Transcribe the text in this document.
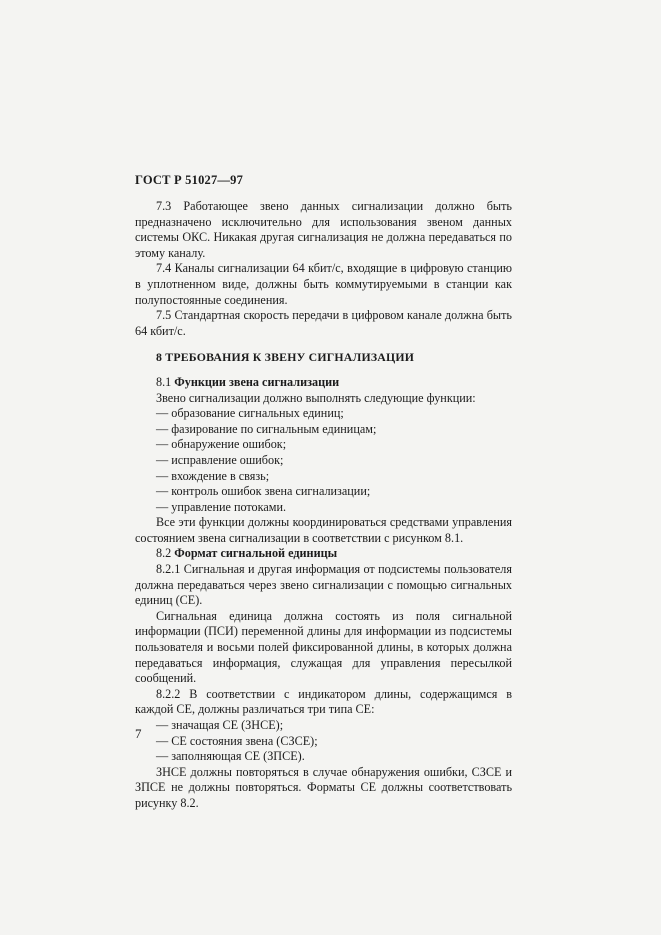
ГОСТ Р 51027—97

7.3 Работающее звено данных сигнализации должно быть предназначено исключительно для использования звеном данных системы ОКС. Никакая другая сигнализация не должна передаваться по этому каналу.

7.4 Каналы сигнализации 64 кбит/с, входящие в цифровую станцию в уплотненном виде, должны быть коммутируемыми в станции как полупостоянные соединения.

7.5 Стандартная скорость передачи в цифровом канале должна быть 64 кбит/с.

8 ТРЕБОВАНИЯ К ЗВЕНУ СИГНАЛИЗАЦИИ

8.1 Функции звена сигнализации

Звено сигнализации должно выполнять следующие функции:

— образование сигнальных единиц;
— фазирование по сигнальным единицам;
— обнаружение ошибок;
— исправление ошибок;
— вхождение в связь;
— контроль ошибок звена сигнализации;
— управление потоками.

Все эти функции должны координироваться средствами управления состоянием звена сигнализации в соответствии с рисунком 8.1.

8.2 Формат сигнальной единицы

8.2.1 Сигнальная и другая информация от подсистемы пользователя должна передаваться через звено сигнализации с помощью сигнальных единиц (СЕ).

Сигнальная единица должна состоять из поля сигнальной информации (ПСИ) переменной длины для информации из подсистемы пользователя и восьми полей фиксированной длины, в которых должна передаваться информация, служащая для управления пересылкой сообщений.

8.2.2 В соответствии с индикатором длины, содержащимся в каждой СЕ, должны различаться три типа СЕ:

— значащая СЕ (ЗНСЕ);
— СЕ состояния звена (СЗСЕ);
— заполняющая СЕ (ЗПСЕ).

ЗНСЕ должны повторяться в случае обнаружения ошибки, СЗСЕ и ЗПСЕ не должны повторяться. Форматы СЕ должны соответствовать рисунку 8.2.

7
